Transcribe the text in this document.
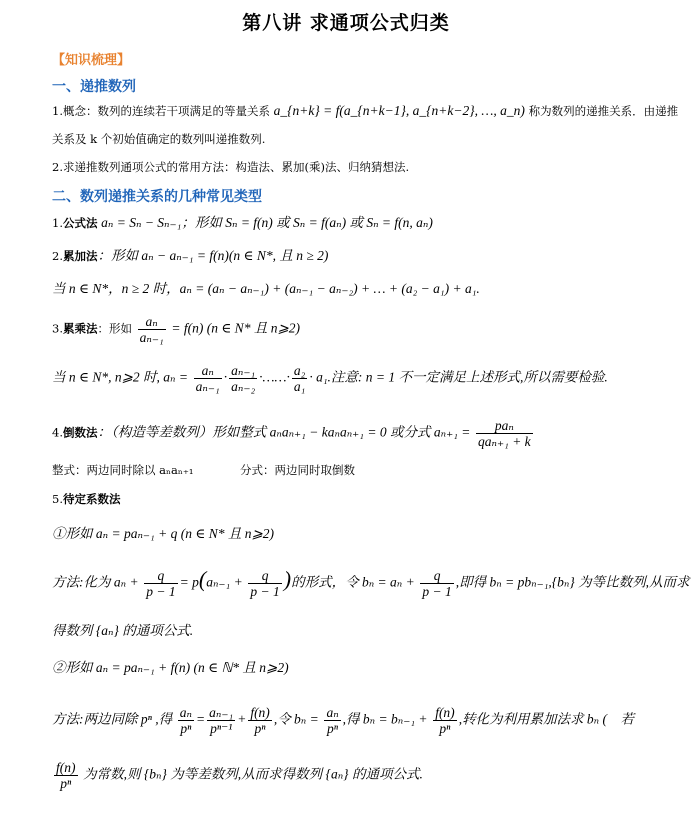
第八讲 求通项公式归类
【知识梳理】
一、递推数列
1.概念：数列的连续若干项满足的等量关系 a_{n+k} = f(a_{n+k−1}, a_{n+k−2}, …, a_n) 称为数列的递推关系．由递推
关系及 k 个初始值确定的数列叫递推数列.
2.求递推数列通项公式的常用方法：构造法、累加(乘)法、归纳猜想法.
二、数列递推关系的几种常见类型
1.公式法 aₙ = Sₙ − Sₙ₋₁；形如 Sₙ = f(n) 或 Sₙ = f(aₙ) 或 Sₙ = f(n, aₙ)
2.累加法：形如 aₙ − aₙ₋₁ = f(n)(n ∈ N*, 且 n ≥ 2)
当 n ∈ N*，n ≥ 2 时，aₙ = (aₙ − aₙ₋₁) + (aₙ₋₁ − aₙ₋₂) + … + (a₂ − a₁) + a₁.
3.累乘法：形如 $\frac{\text{aₙ}}{\text{aₙ₋₁}} = f(n)$ (n ∈ N* 且 n⩾2)
当 n ∈ N*, n⩾2 时, $a_n = \frac{\text{aₙ}}{\text{aₙ₋₁}} \cdot \frac{\text{aₙ₋₁}}{\text{aₙ₋₂}}$ ·……· $\frac{\text{a₂}}{\text{a₁}} \cdot a_1$.注意: n = 1 不一定满足上述形式,所以需要检验.
4.倒数法：（构造等差数列）形如整式 aₙaₙ₊₁ − kaₙaₙ₊₁ = 0 或分式 $a_{n+1} = \frac{\text{paₙ}}{\text{qaₙ₊₁ + k}}$
整式：两边同时除以 aₙaₙ₊₁	分式：两边同时取倒数
5.待定系数法
①形如 aₙ = paₙ₋₁ + q (n ∈ N* 且 n⩾2)
方法:化为 $a_n + \frac{q}{p - 1} = p(a_{n-1} + \frac{q}{p - 1}$ )的形式，令 $b_n = a_n + \frac{q}{p - 1}$ ,即得 bₙ = pbₙ₋₁,{bₙ} 为等比数列,从而求
得数列 {aₙ} 的通项公式.
②形如 aₙ = paₙ₋₁ + f(n) (n ∈ ℕ* 且 n⩾2)
方法:两边同除 pⁿ ,得 $\frac{\text{aₙ}}{\text{pⁿ}} = \frac{\text{aₙ₋₁}}{\text{pⁿ⁻¹}} + \frac{f(n)}{\text{pⁿ}}$ ,令 $b_n = \frac{\text{aₙ}}{\text{pⁿ}}$ ,得 $b_n = b_{n-1} + \frac{f(n)}{\text{pⁿ}}$ ,转化为利用累加法求 bₙ (　若
$\frac{f(n)}{\text{pⁿ}}$ 为常数,则 {bₙ} 为等差数列,从而求得数列 {aₙ} 的通项公式.
